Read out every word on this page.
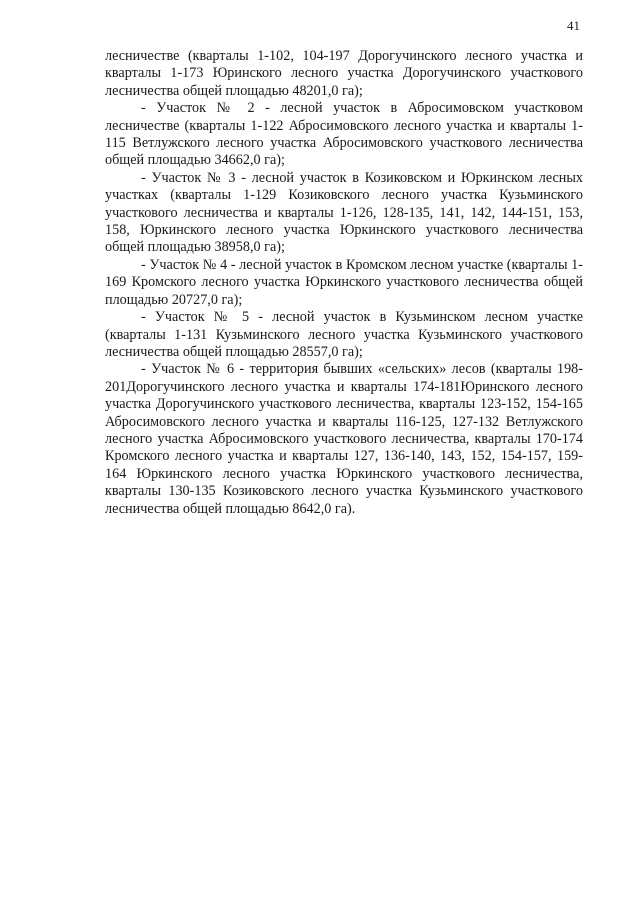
41

лесничестве (кварталы 1-102, 104-197 Дорогучинского лесного участка и кварталы 1-173 Юринского лесного участка Дорогучинского участкового лесничества общей площадью 48201,0 га);

- Участок № 2 - лесной участок в Абросимовском участковом лесничестве (кварталы 1-122 Абросимовского лесного участка и кварталы 1-115 Ветлужского лесного участка Абросимовского участкового лесничества общей площадью 34662,0 га);

- Участок № 3 - лесной участок в Козиковском и Юркинском лесных участках (кварталы 1-129 Козиковского лесного участка Кузьминского участкового лесничества и кварталы 1-126, 128-135, 141, 142, 144-151, 153, 158, Юркинского лесного участка Юркинского участкового лесничества общей площадью 38958,0 га);

- Участок № 4 - лесной участок в Кромском лесном участке (кварталы 1-169 Кромского лесного участка Юркинского участкового лесничества общей площадью 20727,0 га);

- Участок № 5 - лесной участок в Кузьминском лесном участке (кварталы 1-131 Кузьминского лесного участка Кузьминского участкового лесничества общей площадью 28557,0 га);

- Участок № 6 - территория бывших «сельских» лесов (кварталы 198-201Дорогучинского лесного участка и кварталы 174-181Юринского лесного участка Дорогучинского участкового лесничества, кварталы 123-152, 154-165 Абросимовского лесного участка и кварталы 116-125, 127-132 Ветлужского лесного участка Абросимовского участкового лесничества, кварталы 170-174 Кромского лесного участка и кварталы 127, 136-140, 143, 152, 154-157, 159-164 Юркинского лесного участка Юркинского участкового лесничества, кварталы 130-135 Козиковского лесного участка Кузьминского участкового лесничества общей площадью 8642,0 га).
